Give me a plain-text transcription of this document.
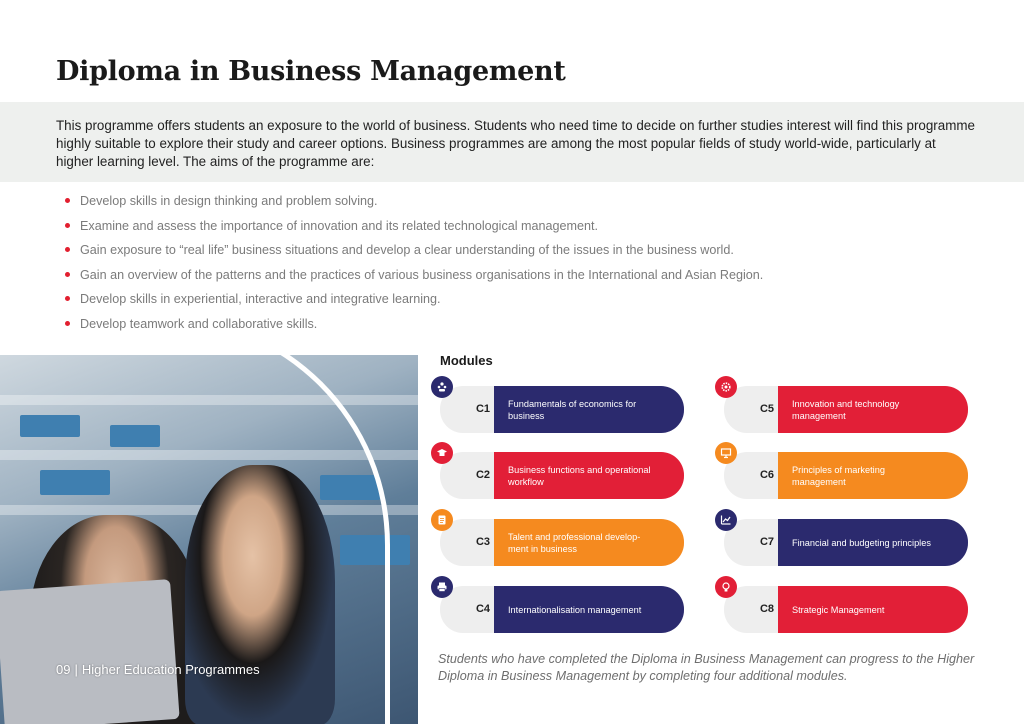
Diploma in Business Management

This programme offers students an exposure to the world of business. Students who need time to decide on further studies interest will find this programme highly suitable to explore their study and career options. Business programmes are among the most popular fields of study world-wide, particularly at higher learning level. The aims of the programme are:

Develop skills in design thinking and problem solving.
Examine and assess the importance of innovation and its related technological management.
Gain exposure to “real life” business situations and develop a clear understanding of the issues in the business world.
Gain an overview of the patterns and the practices of various business organisations in the International and Asian Region.
Develop skills in experiential, interactive and integrative learning.
Develop teamwork and collaborative skills.
09 | Higher Education Programmes
Modules
Fundamentals of economics for business
C1
Business functions and operational workflow
C2
Talent and professional develop-ment in business
C3
Internationalisation management
C4
Innovation and technology management
C5
Principles of marketing management
C6
Financial and budgeting principles
C7
Strategic Management
C8

Students who have completed the Diploma in Business Management can progress to the Higher Diploma in Business Management by completing four additional modules.
